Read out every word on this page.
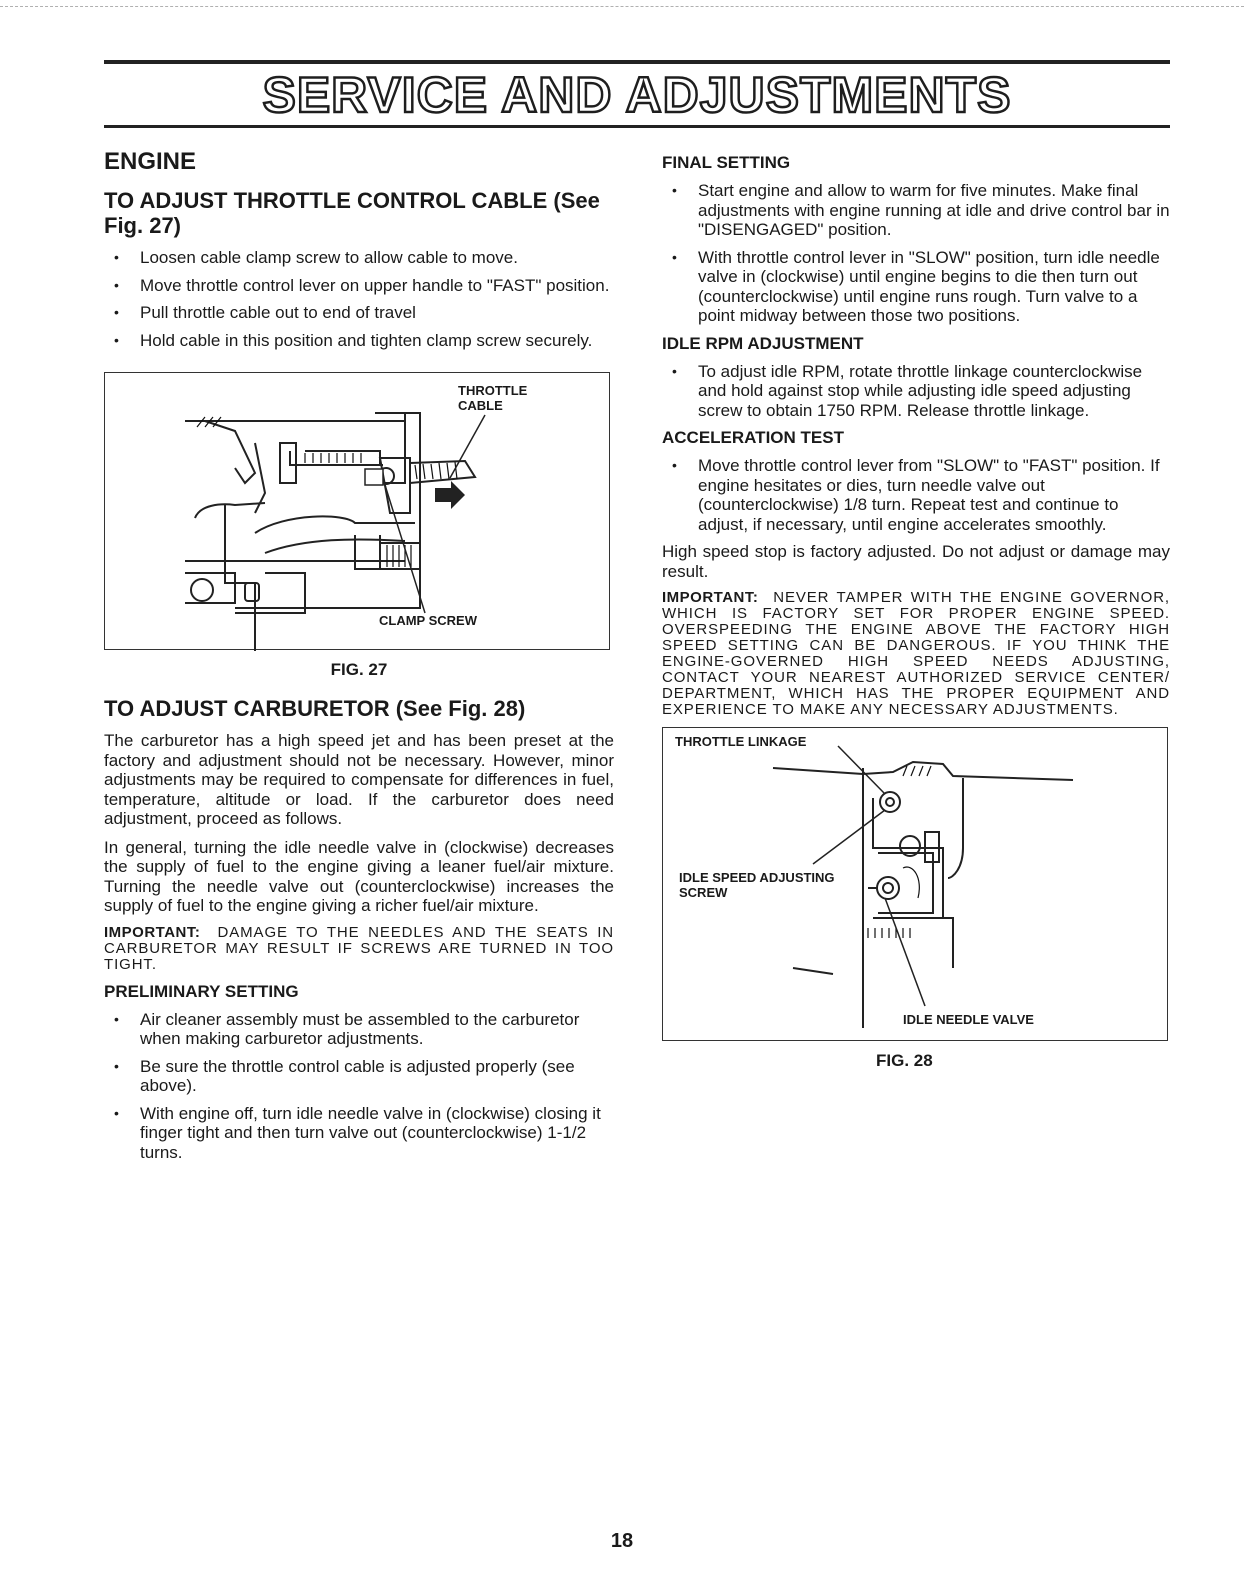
SERVICE AND ADJUSTMENTS
ENGINE
TO ADJUST THROTTLE CONTROL CABLE (See Fig. 27)
• Loosen cable clamp screw to allow cable to move.
• Move throttle control lever on upper handle to "FAST" position.
• Pull throttle cable out to end of travel
• Hold cable in this position and tighten clamp screw securely.
THROTTLE CABLE
CLAMP SCREW
FIG. 27
TO ADJUST CARBURETOR (See Fig. 28)

The carburetor has a high speed jet and has been preset at the factory and adjustment should not be necessary. However, minor adjustments may be required to compensate for differences in fuel, temperature, altitude or load. If the carburetor does need adjustment, proceed as follows.

In general, turning the idle needle valve in (clockwise) decreases the supply of fuel to the engine giving a leaner fuel/air mixture. Turning the needle valve out (counterclockwise) increases the supply of fuel to the engine giving a richer fuel/air mixture.

IMPORTANT: DAMAGE TO THE NEEDLES AND THE SEATS IN CARBURETOR MAY RESULT IF SCREWS ARE TURNED IN TOO TIGHT.

PRELIMINARY SETTING
• Air cleaner assembly must be assembled to the carburetor when making carburetor adjustments.
• Be sure the throttle control cable is adjusted properly (see above).
• With engine off, turn idle needle valve in (clockwise) closing it finger tight and then turn valve out (counterclockwise) 1-1/2 turns.
FINAL SETTING
• Start engine and allow to warm for five minutes. Make final adjustments with engine running at idle and drive control bar in "DISENGAGED" position.
• With throttle control lever in "SLOW" position, turn idle needle valve in (clockwise) until engine begins to die then turn out (counterclockwise) until engine runs rough. Turn valve to a point midway between those two positions.
IDLE RPM ADJUSTMENT
• To adjust idle RPM, rotate throttle linkage counterclockwise and hold against stop while adjusting idle speed adjusting screw to obtain 1750 RPM. Release throttle linkage.
ACCELERATION TEST
• Move throttle control lever from "SLOW" to "FAST" position. If engine hesitates or dies, turn needle valve out (counterclockwise) 1/8 turn. Repeat test and continue to adjust, if necessary, until engine accelerates smoothly.

High speed stop is factory adjusted. Do not adjust or damage may result.

IMPORTANT: NEVER TAMPER WITH THE ENGINE GOVERNOR, WHICH IS FACTORY SET FOR PROPER ENGINE SPEED. OVERSPEEDING THE ENGINE ABOVE THE FACTORY HIGH SPEED SETTING CAN BE DANGEROUS. IF YOU THINK THE ENGINE-GOVERNED HIGH SPEED NEEDS ADJUSTING, CONTACT YOUR NEAREST AUTHORIZED SERVICE CENTER/ DEPARTMENT, WHICH HAS THE PROPER EQUIPMENT AND EXPERIENCE TO MAKE ANY NECESSARY ADJUSTMENTS.

THROTTLE LINKAGE
IDLE SPEED ADJUSTING SCREW
IDLE NEEDLE VALVE
FIG. 28
18
